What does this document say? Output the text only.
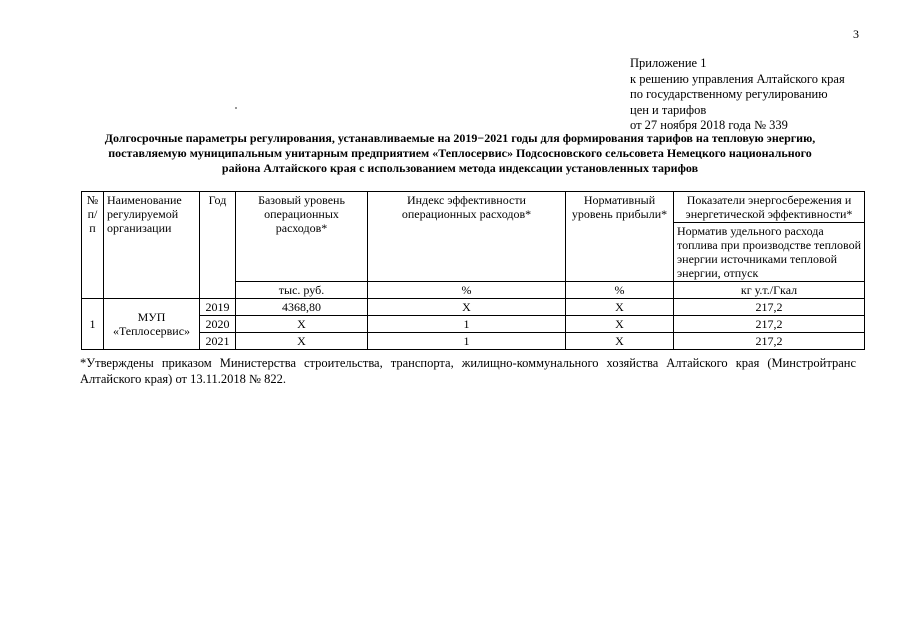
3
Приложение 1
к решению управления Алтайского края
по государственному регулированию
цен и тарифов
от 27 ноября 2018 года № 339
Долгосрочные параметры регулирования, устанавливаемые на 2019−2021 годы для формирования тарифов на тепловую энергию,
поставляемую муниципальным унитарным предприятием «Теплосервис» Подсосновского сельсовета Немецкого национального
района Алтайского края с использованием метода индексации установленных тарифов
№ п/п	Наименование регулируемой организации	Год	Базовый уровень операционных расходов*	Индекс эффективности операционных расходов*	Нормативный уровень прибыли*	Показатели энергосбережения и энергетической эффективности*
						Норматив удельного расхода топлива при производстве тепловой энергии источниками тепловой энергии, отпуск
			тыс. руб.	%	%	кг у.т./Гкал
1	МУП «Теплосервис»	2019	4368,80	Х	Х	217,2
		2020	Х	1	Х	217,2
		2021	Х	1	Х	217,2
*Утверждены приказом Министерства строительства, транспорта, жилищно-коммунального хозяйства Алтайского края (Минстройтранс Алтайского края) от 13.11.2018 № 822.
